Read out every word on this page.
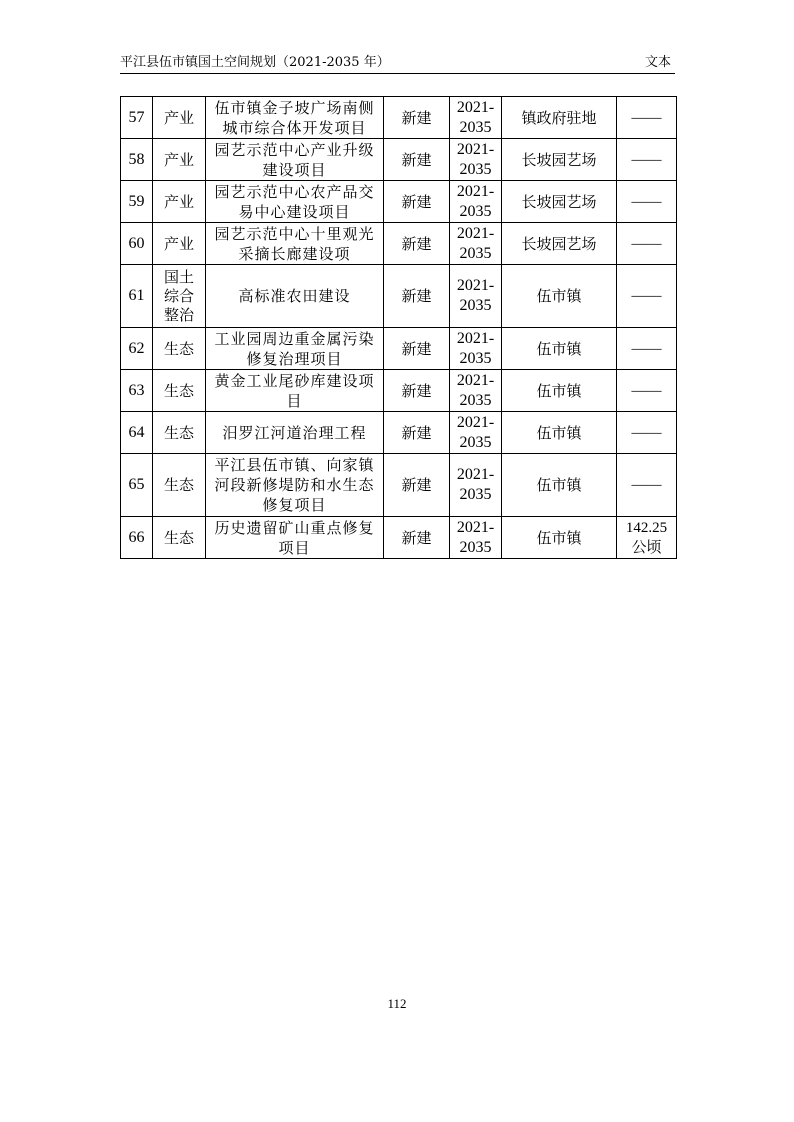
平江县伍市镇国土空间规划（2021-2035 年）	文本
57	产业	伍市镇金子坡广场南侧城市综合体开发项目	新建	2021-2035	镇政府驻地	——
58	产业	园艺示范中心产业升级建设项目	新建	2021-2035	长坡园艺场	——
59	产业	园艺示范中心农产品交易中心建设项目	新建	2021-2035	长坡园艺场	——
60	产业	园艺示范中心十里观光采摘长廊建设项	新建	2021-2035	长坡园艺场	——
61	国土综合整治	高标准农田建设	新建	2021-2035	伍市镇	——
62	生态	工业园周边重金属污染修复治理项目	新建	2021-2035	伍市镇	——
63	生态	黄金工业尾砂库建设项目	新建	2021-2035	伍市镇	——
64	生态	汨罗江河道治理工程	新建	2021-2035	伍市镇	——
65	生态	平江县伍市镇、向家镇河段新修堤防和水生态修复项目	新建	2021-2035	伍市镇	——
66	生态	历史遗留矿山重点修复项目	新建	2021-2035	伍市镇	142.25公顷
112
